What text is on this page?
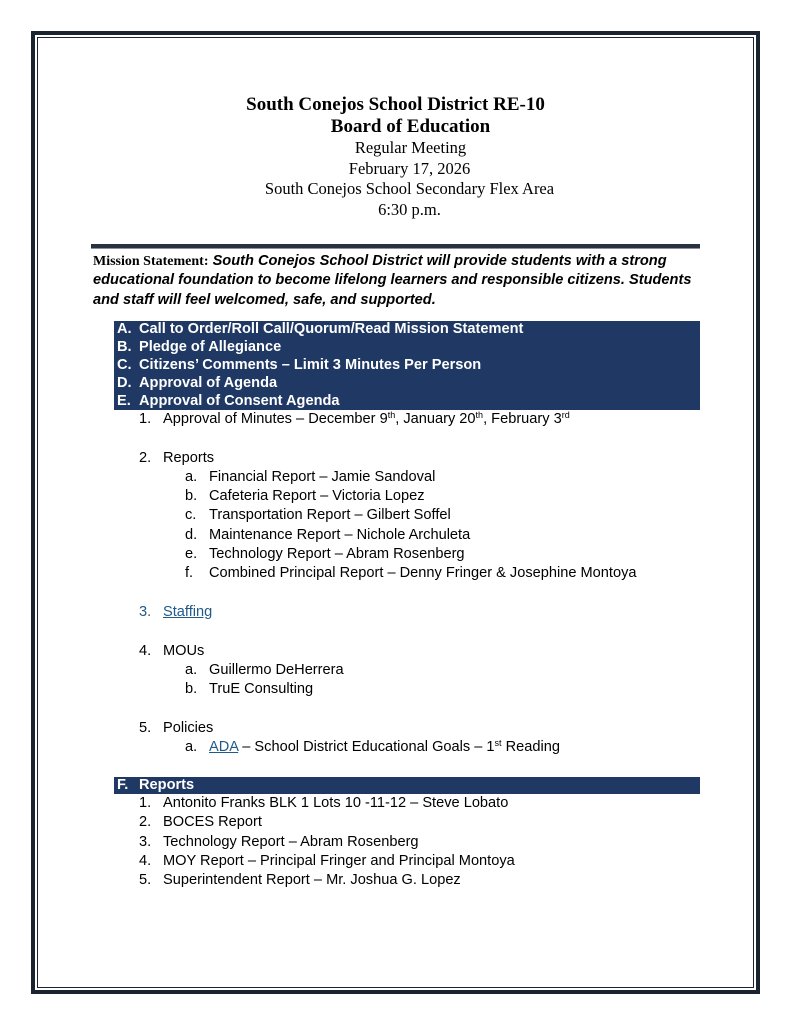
South Conejos School District RE-10
Board of Education
Regular Meeting
February 17, 2026
South Conejos School Secondary Flex Area
6:30 p.m.
Mission Statement: South Conejos School District will provide students with a strong educational foundation to become lifelong learners and responsible citizens. Students and staff will feel welcomed, safe, and supported.
A. Call to Order/Roll Call/Quorum/Read Mission Statement
B. Pledge of Allegiance
C. Citizens’ Comments – Limit 3 Minutes Per Person
D. Approval of Agenda
E. Approval of Consent Agenda
1. Approval of Minutes – December 9th, January 20th, February 3rd
2. Reports
a. Financial Report – Jamie Sandoval
b. Cafeteria Report – Victoria Lopez
c. Transportation Report – Gilbert Soffel
d. Maintenance Report – Nichole Archuleta
e. Technology Report – Abram Rosenberg
f.	Combined Principal Report – Denny Fringer & Josephine Montoya
3. Staffing
4. MOUs
a. Guillermo DeHerrera
b. TruE Consulting
5. Policies
a. ADA – School District Educational Goals – 1st Reading
F. Reports
1. Antonito Franks BLK 1 Lots 10 -11-12 – Steve Lobato
2. BOCES Report
3. Technology Report – Abram Rosenberg
4. MOY Report – Principal Fringer and Principal Montoya
5. Superintendent Report – Mr. Joshua G. Lopez
